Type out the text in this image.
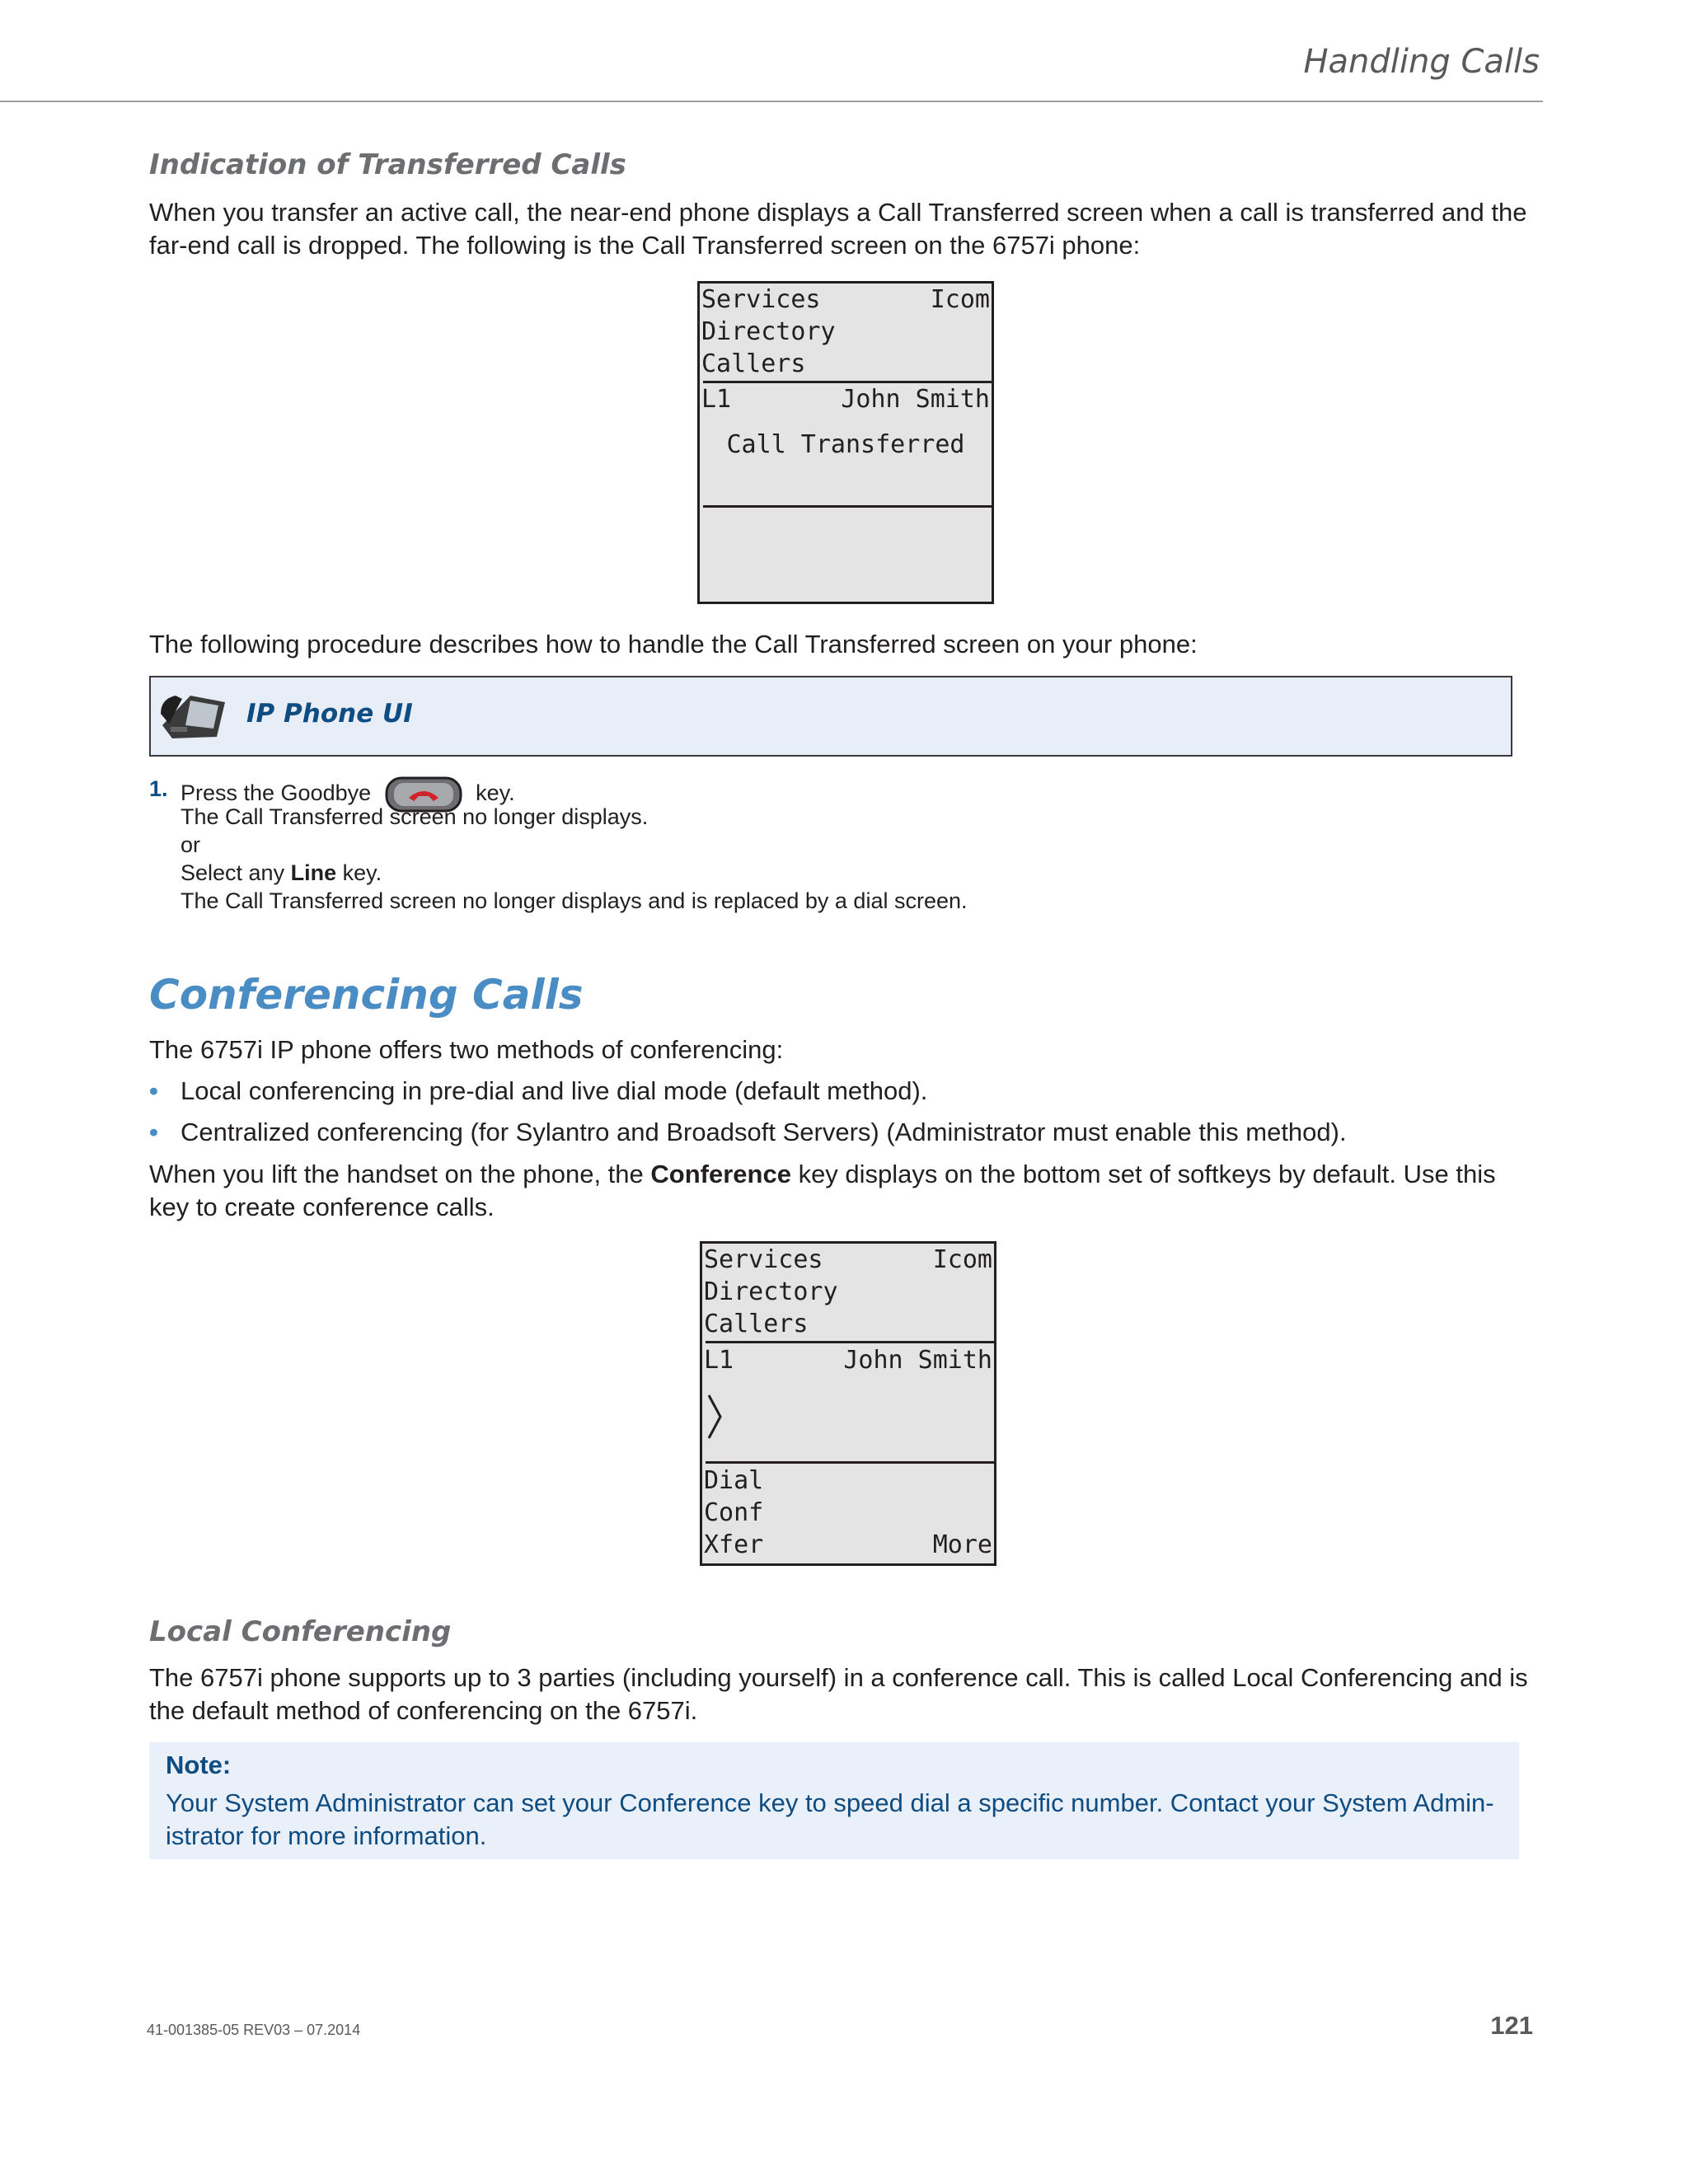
Handling Calls
Indication of Transferred Calls
When you transfer an active call, the near-end phone displays a Call Transferred screen when a call is transferred and the
far-end call is dropped. The following is the Call Transferred screen on the 6757i phone:
Services	Icom
Directory
Callers
L1	John Smith
Call Transferred
The following procedure describes how to handle the Call Transferred screen on your phone:
IP Phone UI
1. Press the Goodbye	key.
The Call Transferred screen no longer displays.
or
Select any Line key.
The Call Transferred screen no longer displays and is replaced by a dial screen.
Conferencing Calls
The 6757i IP phone offers two methods of conferencing:
• Local conferencing in pre-dial and live dial mode (default method).
• Centralized conferencing (for Sylantro and Broadsoft Servers) (Administrator must enable this method).
When you lift the handset on the phone, the Conference key displays on the bottom set of softkeys by default. Use this
key to create conference calls.
Services	Icom
Directory
Callers
L1	John Smith
Dial
Conf
Xfer	More
Local Conferencing
The 6757i phone supports up to 3 parties (including yourself) in a conference call. This is called Local Conferencing and is
the default method of conferencing on the 6757i.
Note:
Your System Administrator can set your Conference key to speed dial a specific number. Contact your System Admin-
istrator for more information.
41-001385-05 REV03 – 07.2014	121
